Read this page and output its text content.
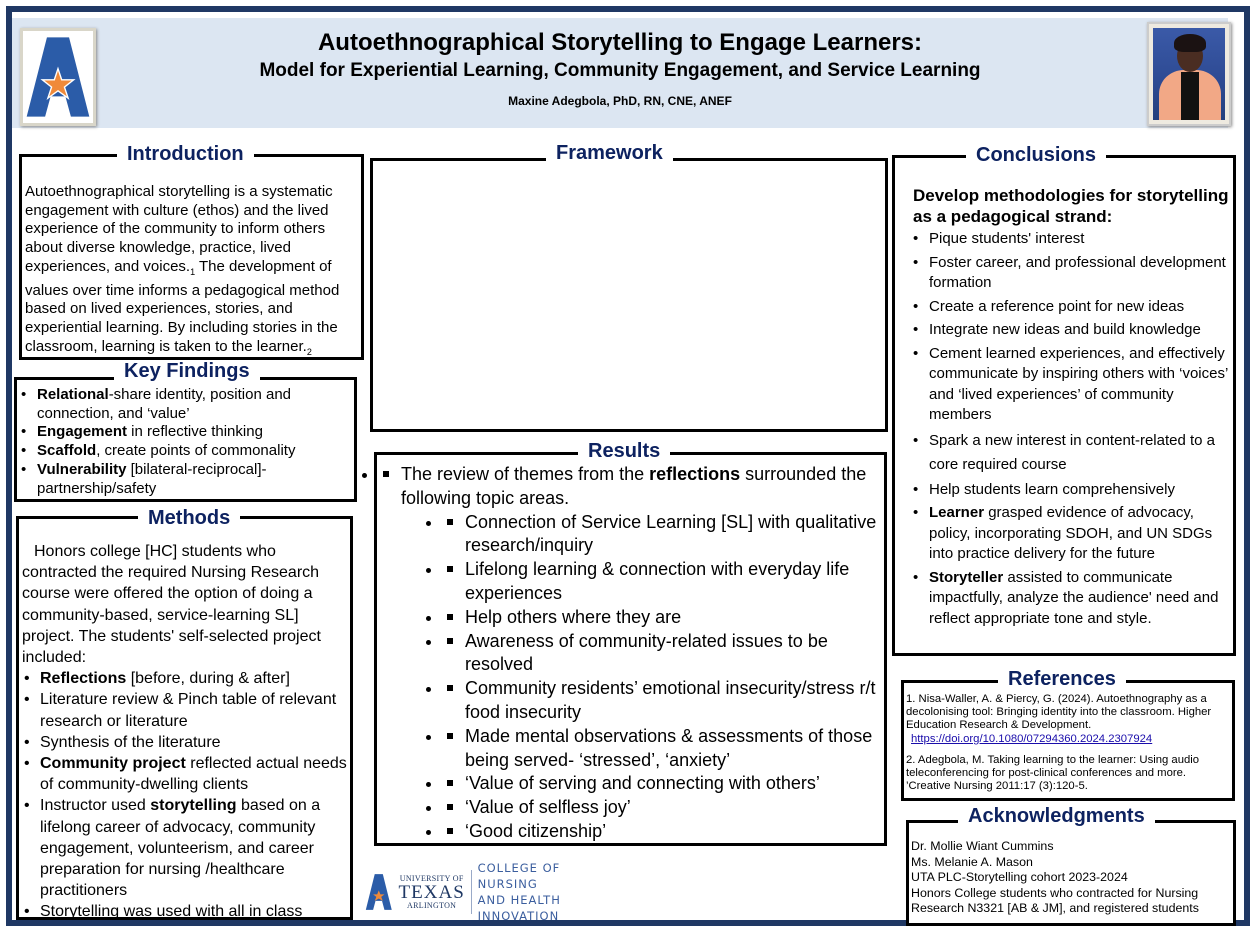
Autoethnographical Storytelling to Engage Learners:
Model for Experiential Learning, Community Engagement, and Service Learning
Maxine Adegbola, PhD, RN, CNE, ANEF
Autoethnographical storytelling is a systematic engagement with culture (ethos) and the lived experience of the community to inform others about diverse knowledge, practice, lived experiences, and $voices._1$ The development of values over time informs a pedagogical method based on lived experiences, stories, and experiential learning. By including stories in the classroom, learning is taken to the $learner._2$
Introduction
• Relational-share identity, position and connection, and ‘value’
• Engagement in reflective thinking
• Scaffold, create points of commonality
• Vulnerability [bilateral-reciprocal]-partnership/safety
Key Findings
Honors college [HC] students who contracted the required Nursing Research course were offered the option of doing a community-based, service-learning SL] project. The students' self-selected project included:
• Reflections [before, during & after]
• Literature review & Pinch table of relevant research or literature
• Synthesis of the literature
• Community project reflected actual needs of community-dwelling clients
• Instructor used storytelling based on a lifelong career of advocacy, community engagement, volunteerism, and career preparation for nursing /healthcare practitioners
• Storytelling was used with all in class
Methods
Framework
• The review of themes from the reflections surrounded the following topic areas.
• Connection of Service Learning [SL] with qualitative research/inquiry
• Lifelong learning & connection with everyday life experiences
• Help others where they are
• Awareness of community-related issues to be resolved
• Community residents’ emotional insecurity/stress r/t food insecurity
• Made mental observations & assessments of those being served- ‘stressed’, ‘anxiety’
• ‘Value of serving and connecting with others’
• ‘Value of selfless joy’
• ‘Good citizenship’
Results
UNIVERSITY OF
TEXAS
ARLINGTON
COLLEGE OF NURSING
AND HEALTH INNOVATION
Develop methodologies for storytelling as a pedagogical strand:
• Pique students' interest
• Foster career, and professional development formation
• Create a reference point for new ideas
• Integrate new ideas and build knowledge
• Cement learned experiences, and effectively communicate by inspiring others with ‘voices’ and ‘lived experiences’ of community members
• Spark a new interest in content-related to a core required course
• Help students learn comprehensively
• Learner grasped evidence of advocacy, policy, incorporating SDOH, and UN SDGs into practice delivery for the future
• Storyteller assisted to communicate impactfully, analyze the audience' need and reflect appropriate tone and style.
Conclusions
1. Nisa-Waller, A. & Piercy, G. (2024). Autoethnography as a decolonising tool: Bringing identity into the classroom. Higher Education Research & Development.
https://doi.org/10.1080/07294360.2024.2307924
2. Adegbola, M. Taking learning to the learner: Using audio teleconferencing for post-clinical conferences and more. ’Creative Nursing 2011:17 (3):120-5.
References
Dr. Mollie Wiant Cummins
Ms. Melanie A. Mason
UTA PLC-Storytelling cohort 2023-2024
Honors College students who contracted for Nursing Research N3321 [AB & JM], and registered students
Acknowledgments
